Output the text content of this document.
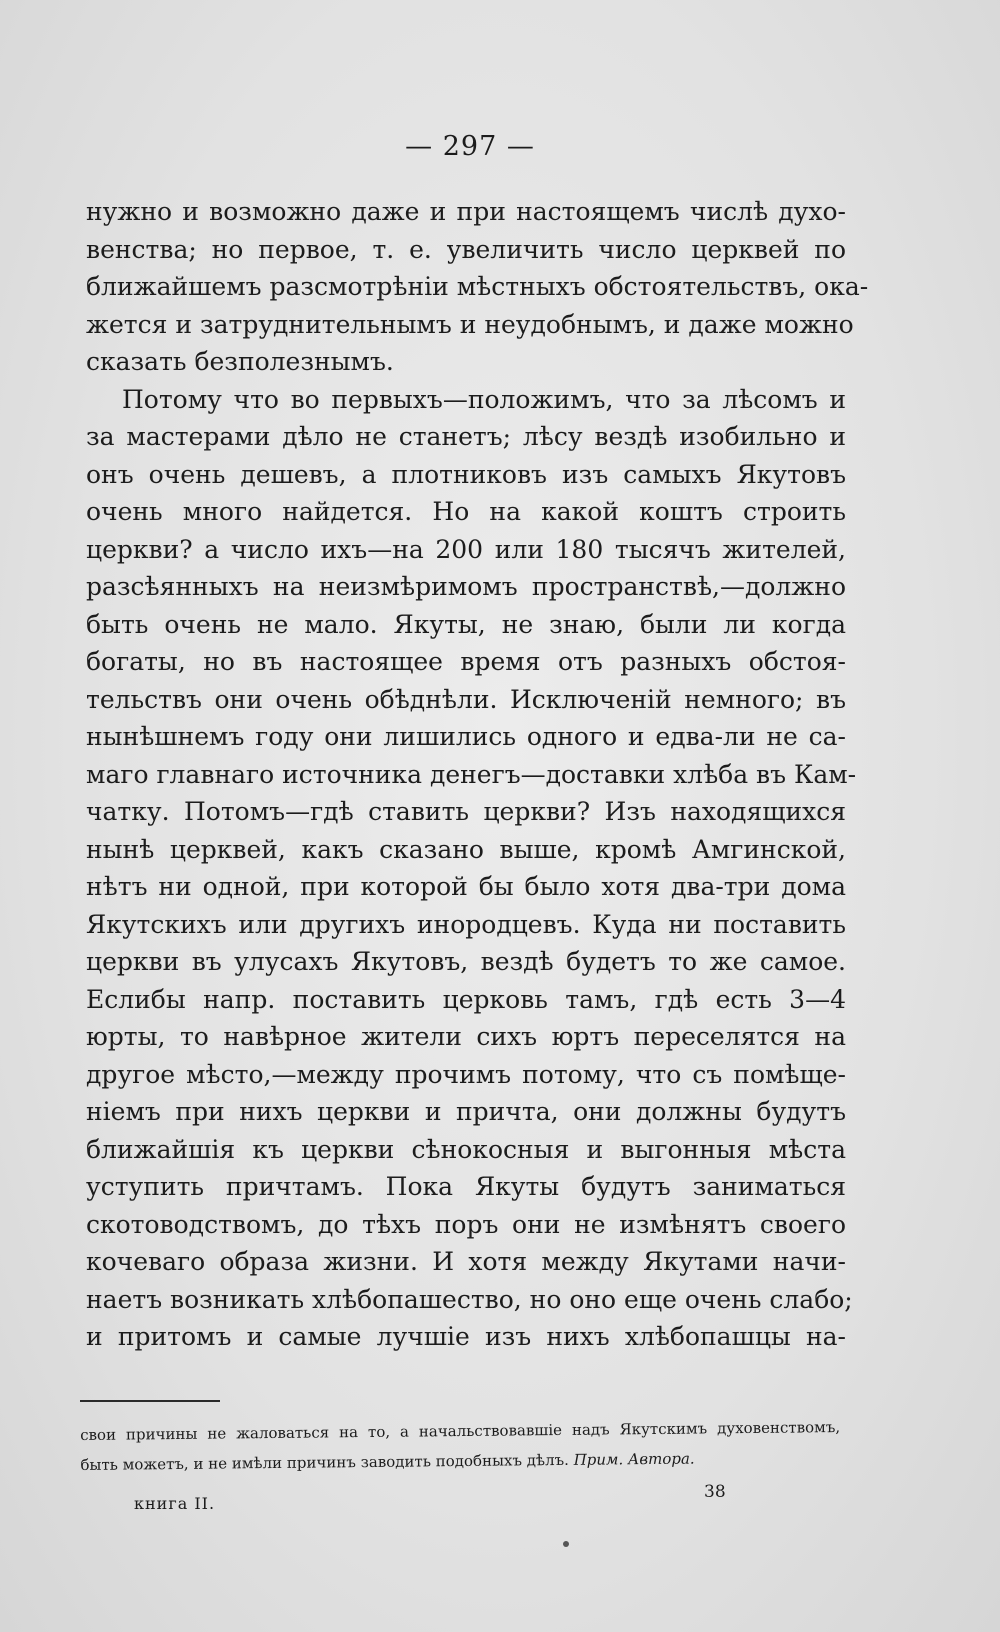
— 297 —
нужно и возможно даже и при настоящемъ числѣ духо-
венства; но первое, т. е. увеличить число церквей по
ближайшемъ разсмотрѣніи мѣстныхъ обстоятельствъ, ока-
жется и затруднительнымъ и неудобнымъ, и даже можно
сказать безполезнымъ.
Потому что во первыхъ—положимъ, что за лѣсомъ и
за мастерами дѣло не станетъ; лѣсу вездѣ изобильно и
онъ очень дешевъ, а плотниковъ изъ самыхъ Якутовъ
очень много найдется. Но на какой коштъ строить
церкви? а число ихъ—на 200 или 180 тысячъ жителей,
разсѣянныхъ на неизмѣримомъ пространствѣ,—должно
быть очень не мало. Якуты, не знаю, были ли когда
богаты, но въ настоящее время отъ разныхъ обстоя-
тельствъ они очень обѣднѣли. Исключеній немного; въ
нынѣшнемъ году они лишились одного и едва-ли не са-
маго главнаго источника денегъ—доставки хлѣба въ Кам-
чатку. Потомъ—гдѣ ставить церкви? Изъ находящихся
нынѣ церквей, какъ сказано выше, кромѣ Амгинской,
нѣтъ ни одной, при которой бы было хотя два-три дома
Якутскихъ или другихъ инородцевъ. Куда ни поставить
церкви въ улусахъ Якутовъ, вездѣ будетъ то же самое.
Еслибы напр. поставить церковь тамъ, гдѣ есть 3—4
юрты, то навѣрное жители сихъ юртъ переселятся на
другое мѣсто,—между прочимъ потому, что съ помѣще-
ніемъ при нихъ церкви и причта, они должны будутъ
ближайшія къ церкви сѣнокосныя и выгонныя мѣста
уступить причтамъ. Пока Якуты будутъ заниматься
скотоводствомъ, до тѣхъ поръ они не измѣнятъ своего
кочеваго образа жизни. И хотя между Якутами начи-
наетъ возникать хлѣбопашество, но оно еще очень слабо;
и притомъ и самые лучшіе изъ нихъ хлѣбопашцы на-
свои причины не жаловаться на то, а начальствовавшіе надъ Якутскимъ духовенствомъ,
быть можетъ, и не имѣли причинъ заводить подобныхъ дѣлъ. Прим. Автора.
книга II.
38
